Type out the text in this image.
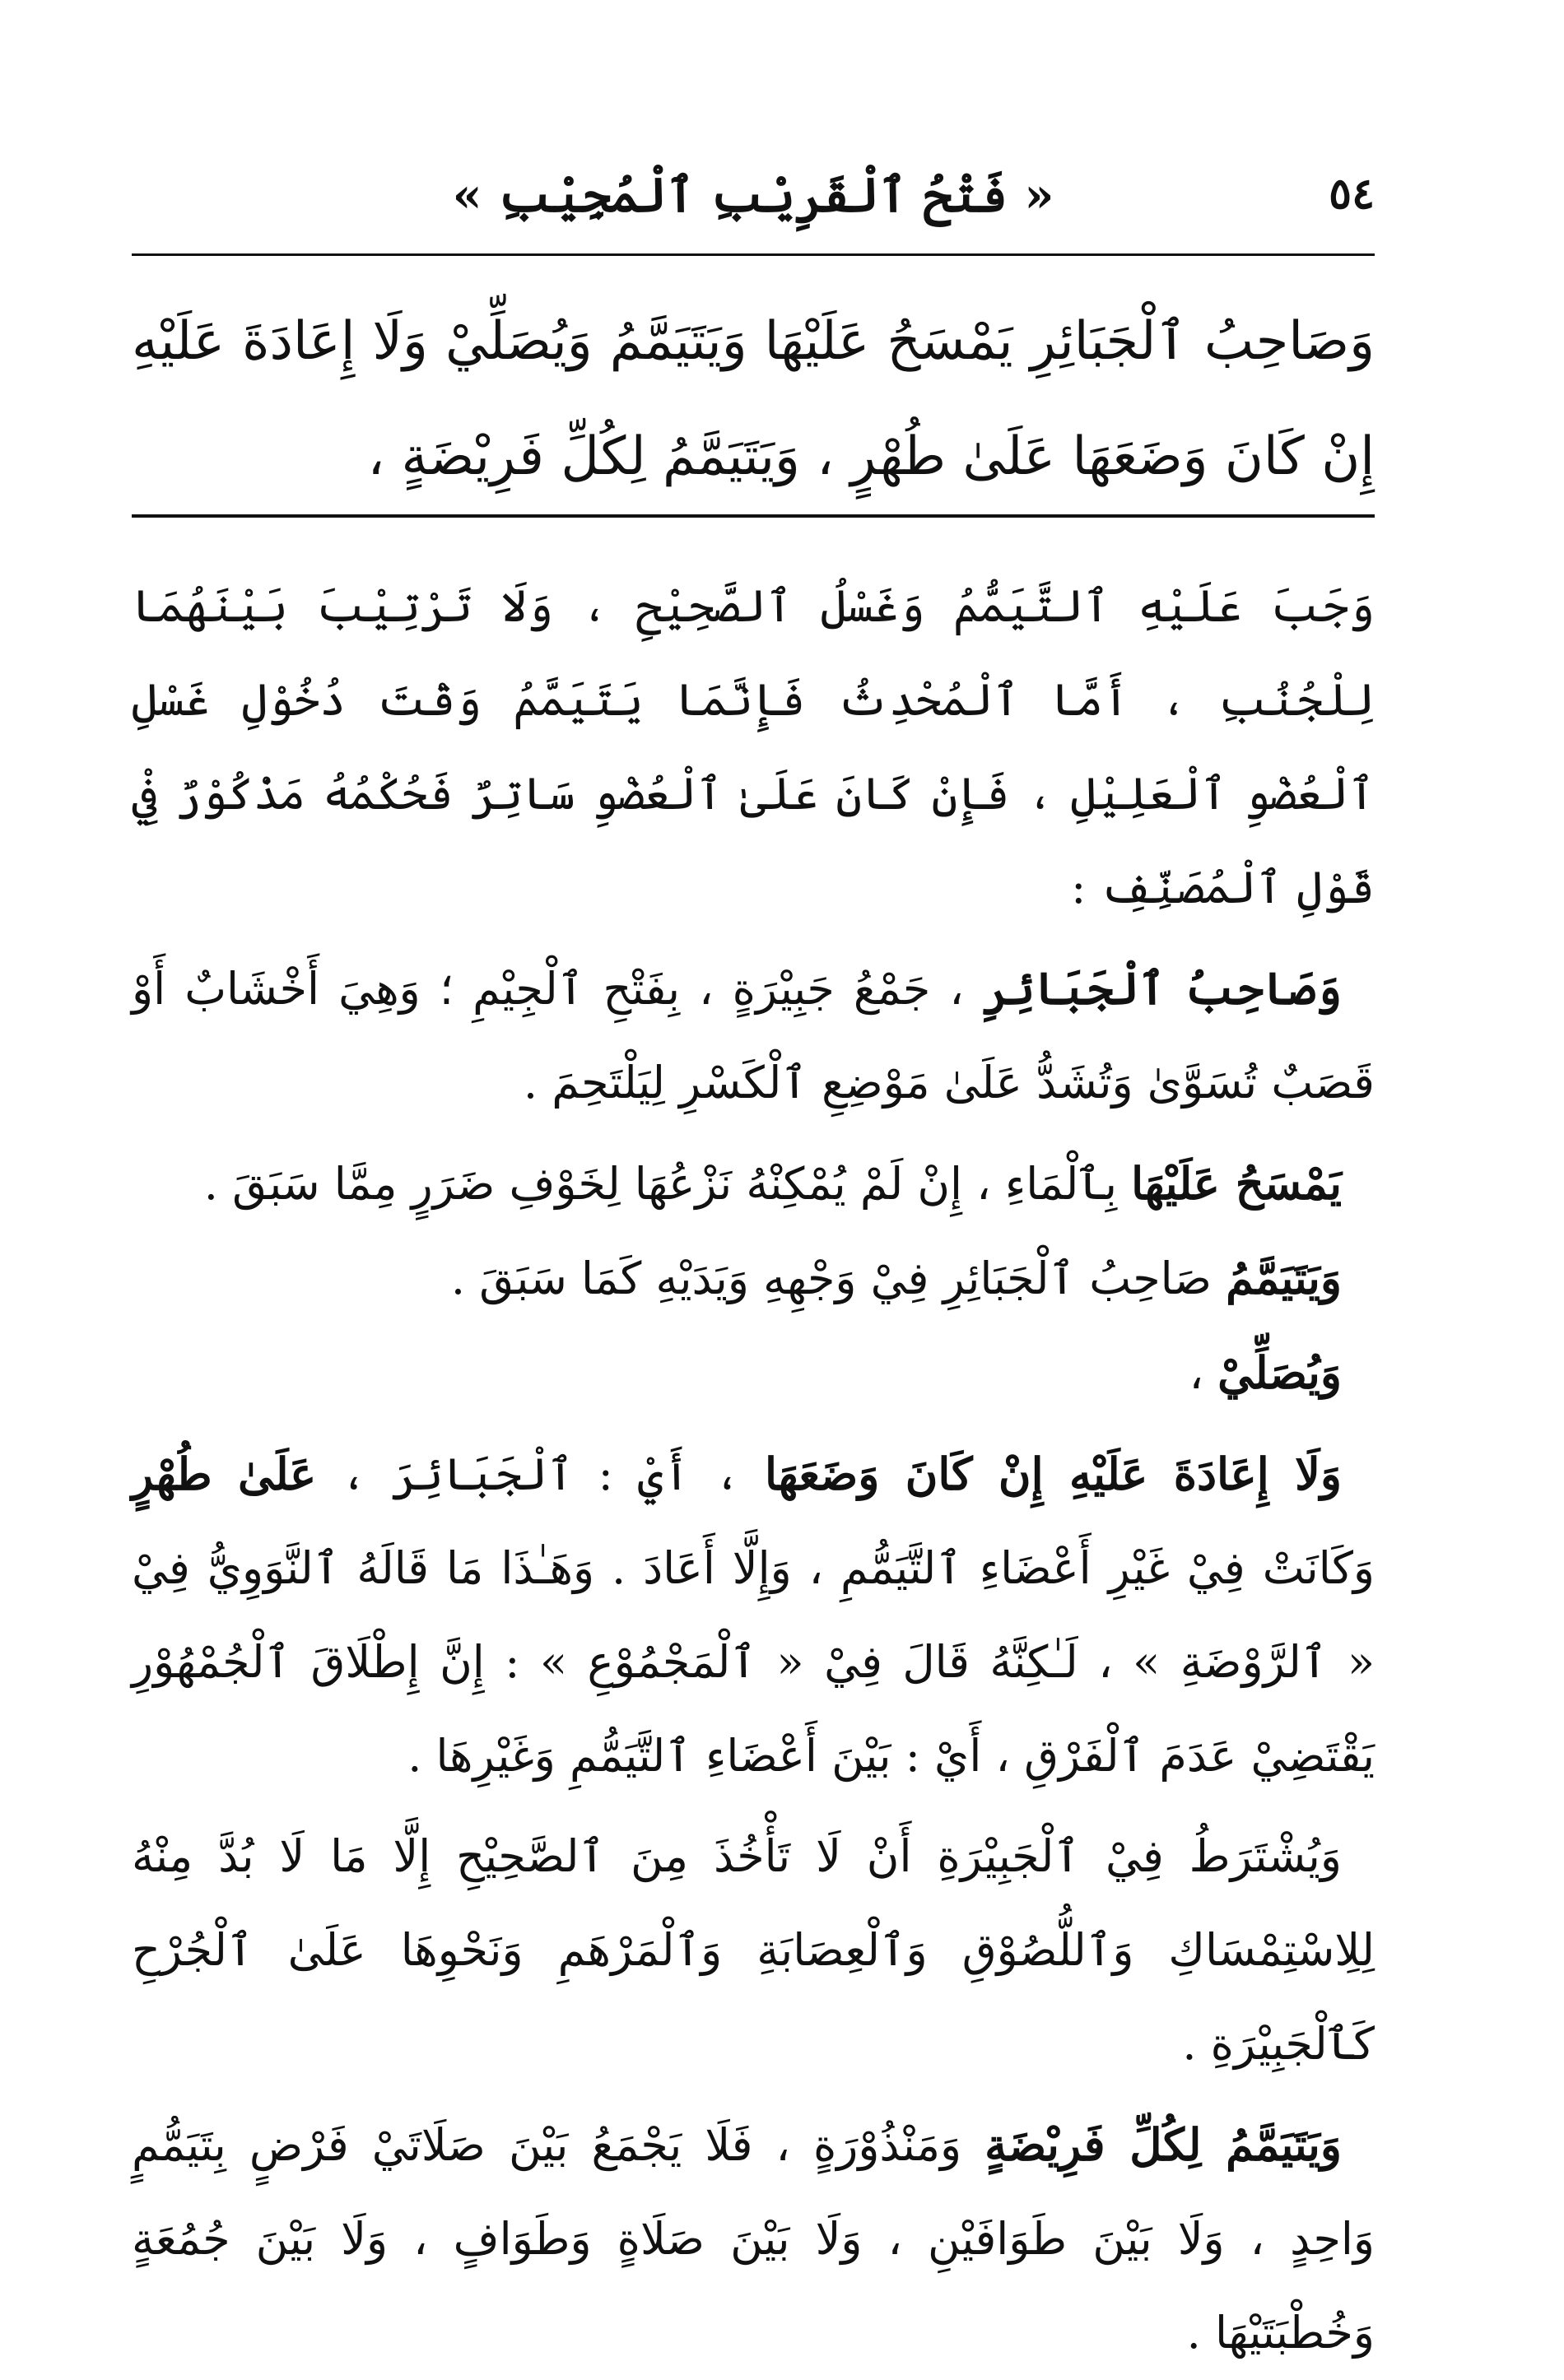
٥٤
« فَتْحُ ٱلْقَرِيْبِ ٱلْمُجِيْبِ »

وَصَاحِبُ ٱلْجَبَائِرِ يَمْسَحُ عَلَيْهَا وَيَتَيَمَّمُ وَيُصَلِّيْ وَلَا إِعَادَةَ عَلَيْهِ إِنْ كَانَ وَضَعَهَا عَلَىٰ طُهْرٍ ، وَيَتَيَمَّمُ لِكُلِّ فَرِيْضَةٍ ،

وَجَبَ عَلَيْهِ ٱلتَّيَمُّمُ وَغَسْلُ ٱلصَّحِيْحِ ، وَلَا تَرْتِيْبَ بَيْنَهُمَا لِلْجُنُبِ ، أَمَّا ٱلْمُحْدِثُ فَإِنَّمَا يَتَيَمَّمُ وَقْتَ دُخُوْلِ غَسْلِ ٱلْعُضْوِ ٱلْعَلِيْلِ ، فَإِنْ كَانَ عَلَىٰ ٱلْعُضْوِ سَاتِرٌ فَحُكْمُهُ مَذْكُوْرٌ فِيْ قَوْلِ ٱلْمُصَنِّفِ :

وَصَاحِبُ ٱلْجَبَائِرِ ، جَمْعُ جَبِيْرَةٍ ، بِفَتْحِ ٱلْجِيْمِ ؛ وَهِيَ أَخْشَابٌ أَوْ قَصَبٌ تُسَوَّىٰ وَتُشَدُّ عَلَىٰ مَوْضِعِ ٱلْكَسْرِ لِيَلْتَحِمَ .

يَمْسَحُ عَلَيْهَا بِٱلْمَاءِ ، إِنْ لَمْ يُمْكِنْهُ نَزْعُهَا لِخَوْفِ ضَرَرٍ مِمَّا سَبَقَ .

وَيَتَيَمَّمُ صَاحِبُ ٱلْجَبَائِرِ فِيْ وَجْهِهِ وَيَدَيْهِ كَمَا سَبَقَ .

وَيُصَلِّيْ ،

وَلَا إِعَادَةَ عَلَيْهِ إِنْ كَانَ وَضَعَهَا ، أَيْ : ٱلْجَبَائِرَ ، عَلَىٰ طُهْرٍ وَكَانَتْ فِيْ غَيْرِ أَعْضَاءِ ٱلتَّيَمُّمِ ، وَإِلَّا أَعَادَ . وَهَـٰذَا مَا قَالَهُ ٱلنَّوَوِيُّ فِيْ « ٱلرَّوْضَةِ » ، لَـٰكِنَّهُ قَالَ فِيْ « ٱلْمَجْمُوْعِ » : إِنَّ إِطْلَاقَ ٱلْجُمْهُوْرِ يَقْتَضِيْ عَدَمَ ٱلْفَرْقِ ، أَيْ : بَيْنَ أَعْضَاءِ ٱلتَّيَمُّمِ وَغَيْرِهَا .

وَيُشْتَرَطُ فِيْ ٱلْجَبِيْرَةِ أَنْ لَا تَأْخُذَ مِنَ ٱلصَّحِيْحِ إِلَّا مَا لَا بُدَّ مِنْهُ لِلِاسْتِمْسَاكِ وَٱللُّصُوْقِ وَٱلْعِصَابَةِ وَٱلْمَرْهَمِ وَنَحْوِهَا عَلَىٰ ٱلْجُرْحِ كَٱلْجَبِيْرَةِ .

وَيَتَيَمَّمُ لِكُلِّ فَرِيْضَةٍ وَمَنْذُوْرَةٍ ، فَلَا يَجْمَعُ بَيْنَ صَلَاتَيْ فَرْضٍ بِتَيَمُّمٍ وَاحِدٍ ، وَلَا بَيْنَ طَوَافَيْنِ ، وَلَا بَيْنَ صَلَاةٍ وَطَوَافٍ ، وَلَا بَيْنَ جُمُعَةٍ وَخُطْبَتَيْهَا .
